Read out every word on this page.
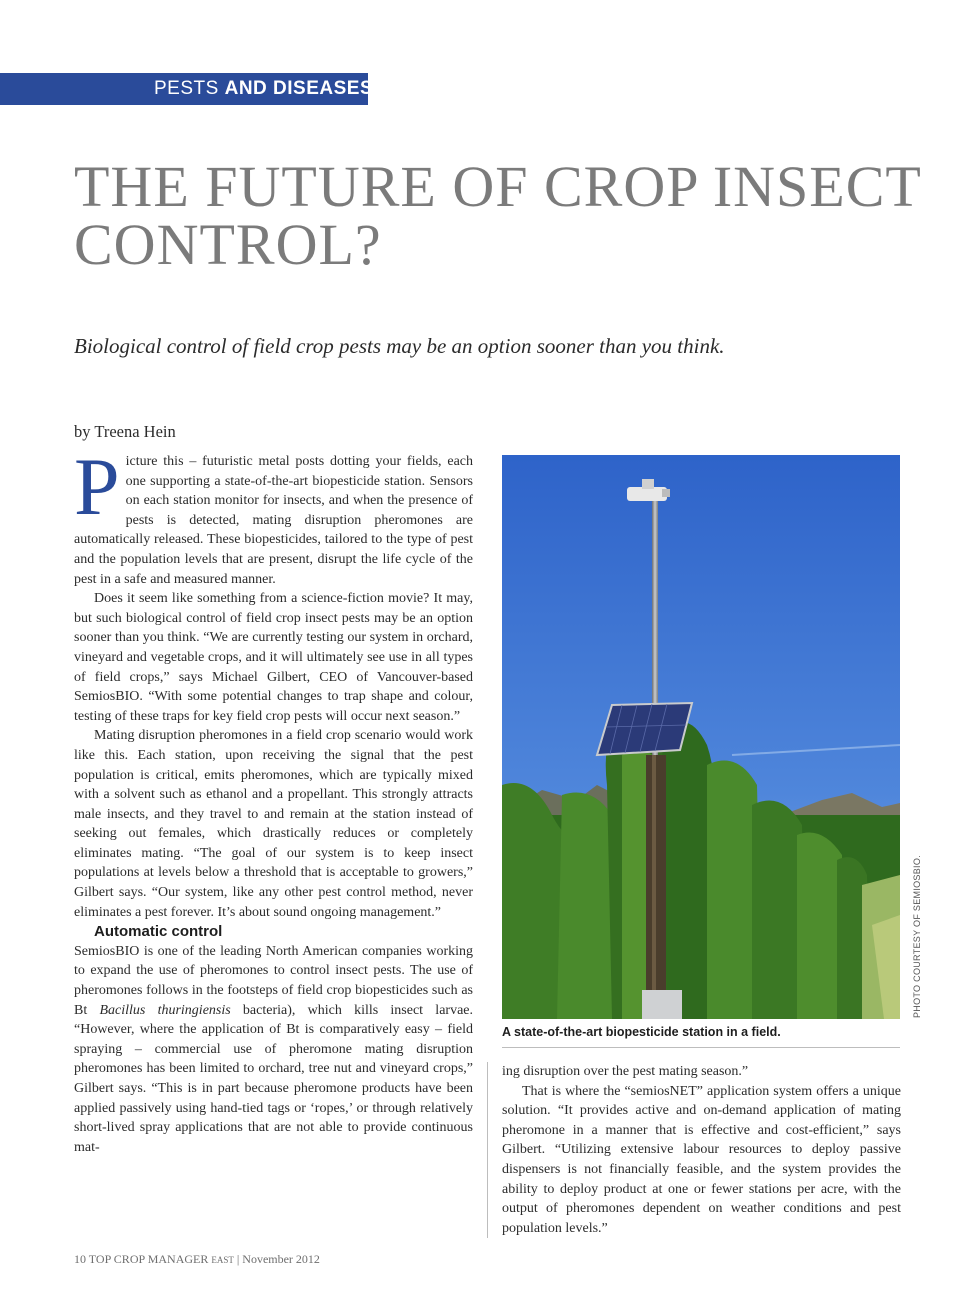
PESTS AND DISEASES
THE FUTURE OF CROP INSECT CONTROL?
Biological control of field crop pests may be an option sooner than you think.
by Treena Hein

Picture this – futuristic metal posts dotting your fields, each one supporting a state-of-the-art biopesticide station. Sensors on each station monitor for insects, and when the presence of pests is detected, mating disruption pheromones are automatically released. These biopesticides, tailored to the type of pest and the population levels that are present, disrupt the life cycle of the pest in a safe and measured manner.

Does it seem like something from a science-fiction movie? It may, but such biological control of field crop insect pests may be an option sooner than you think. “We are currently testing our system in orchard, vineyard and vegetable crops, and it will ultimately see use in all types of field crops,” says Michael Gilbert, CEO of Vancouver-based SemiosBIO. “With some potential changes to trap shape and colour, testing of these traps for key field crop pests will occur next season.”

Mating disruption pheromones in a field crop scenario would work like this. Each station, upon receiving the signal that the pest population is critical, emits pheromones, which are typically mixed with a solvent such as ethanol and a propellant. This strongly attracts male insects, and they travel to and remain at the station instead of seeking out females, which drastically reduces or completely eliminates mating. “The goal of our system is to keep insect populations at levels below a threshold that is acceptable to growers,” Gilbert says. “Our system, like any other pest control method, never eliminates a pest forever. It’s about sound ongoing management.”

Automatic control

SemiosBIO is one of the leading North American companies working to expand the use of pheromones to control insect pests. The use of pheromones follows in the footsteps of field crop biopesticides such as Bt Bacillus thuringiensis bacteria), which kills insect larvae. “However, where the application of Bt is comparatively easy – field spraying – commercial use of pheromone mating disruption pheromones has been limited to orchard, tree nut and vineyard crops,” Gilbert says. “This is in part because pheromone products have been applied passively using hand-tied tags or ‘ropes,’ or through relatively short-lived spray applications that are not able to provide continuous mat-

PHOTO COURTESY OF SEMIOSBIO.
A state-of-the-art biopesticide station in a field.

ing disruption over the pest mating season.”

That is where the “semiosNET” application system offers a unique solution. “It provides active and on-demand application of mating pheromone in a manner that is effective and cost-efficient,” says Gilbert. “Utilizing extensive labour resources to deploy passive dispensers is not financially feasible, and the system provides the ability to deploy product at one or fewer stations per acre, with the output of pheromones dependent on weather conditions and pest population levels.”

10 TOP CROP MANAGER EAST | November 2012
